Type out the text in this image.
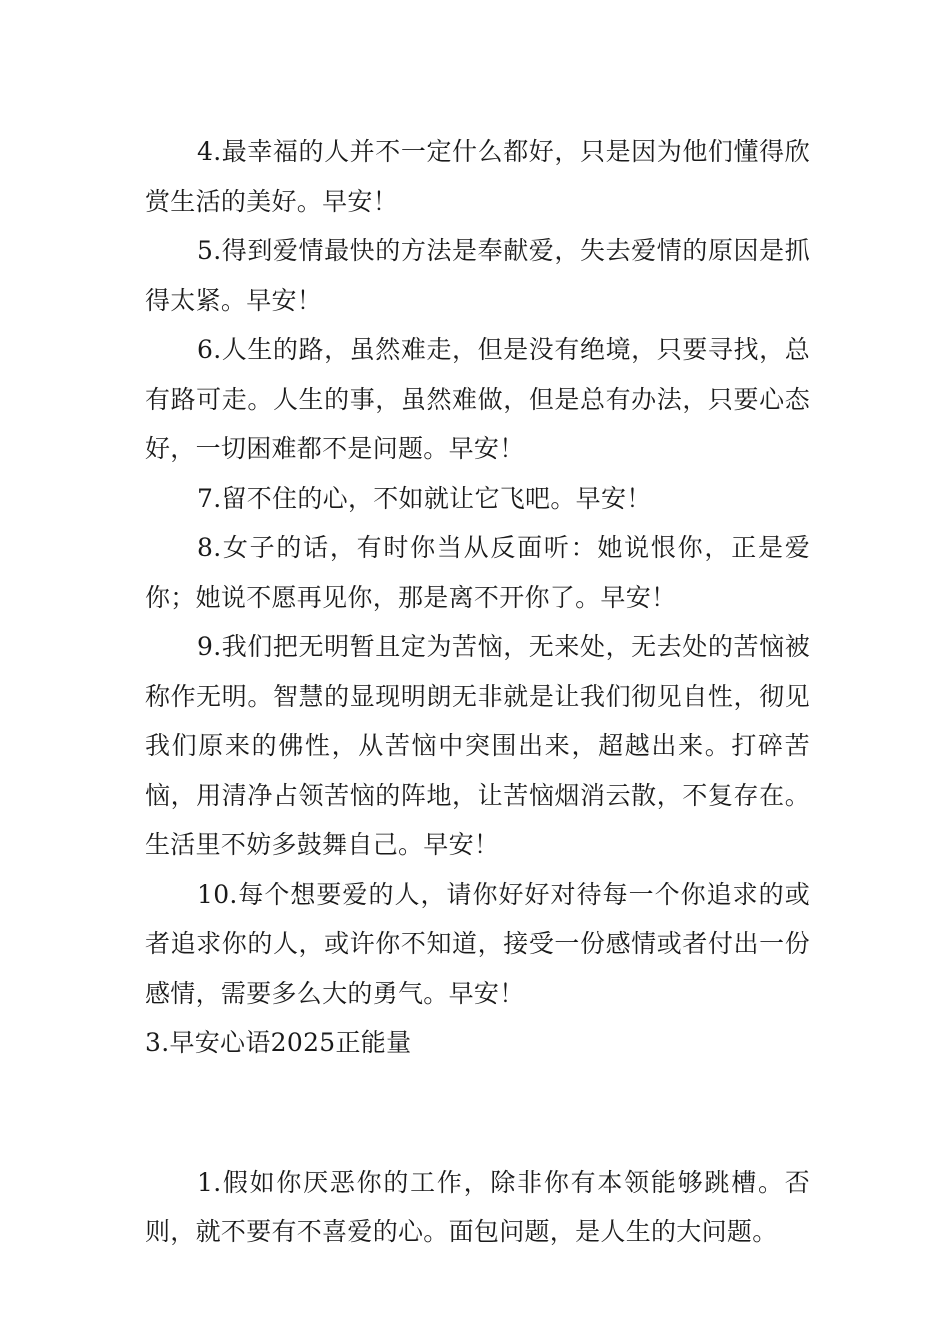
4.最幸福的人并不一定什么都好，只是因为他们懂得欣赏生活的美好。早安！

5.得到爱情最快的方法是奉献爱，失去爱情的原因是抓得太紧。早安！

6.人生的路，虽然难走，但是没有绝境，只要寻找，总有路可走。人生的事，虽然难做，但是总有办法，只要心态好，一切困难都不是问题。早安！

7.留不住的心，不如就让它飞吧。早安！

8.女子的话，有时你当从反面听：她说恨你，正是爱你；她说不愿再见你，那是离不开你了。早安！

9.我们把无明暂且定为苦恼，无来处，无去处的苦恼被称作无明。智慧的显现明朗无非就是让我们彻见自性，彻见我们原来的佛性，从苦恼中突围出来，超越出来。打碎苦恼，用清净占领苦恼的阵地，让苦恼烟消云散，不复存在。生活里不妨多鼓舞自己。早安！

10.每个想要爱的人，请你好好对待每一个你追求的或者追求你的人，或许你不知道，接受一份感情或者付出一份感情，需要多么大的勇气。早安！

3.早安心语2025正能量

1.假如你厌恶你的工作，除非你有本领能够跳槽。否则，就不要有不喜爱的心。面包问题，是人生的大问题。
